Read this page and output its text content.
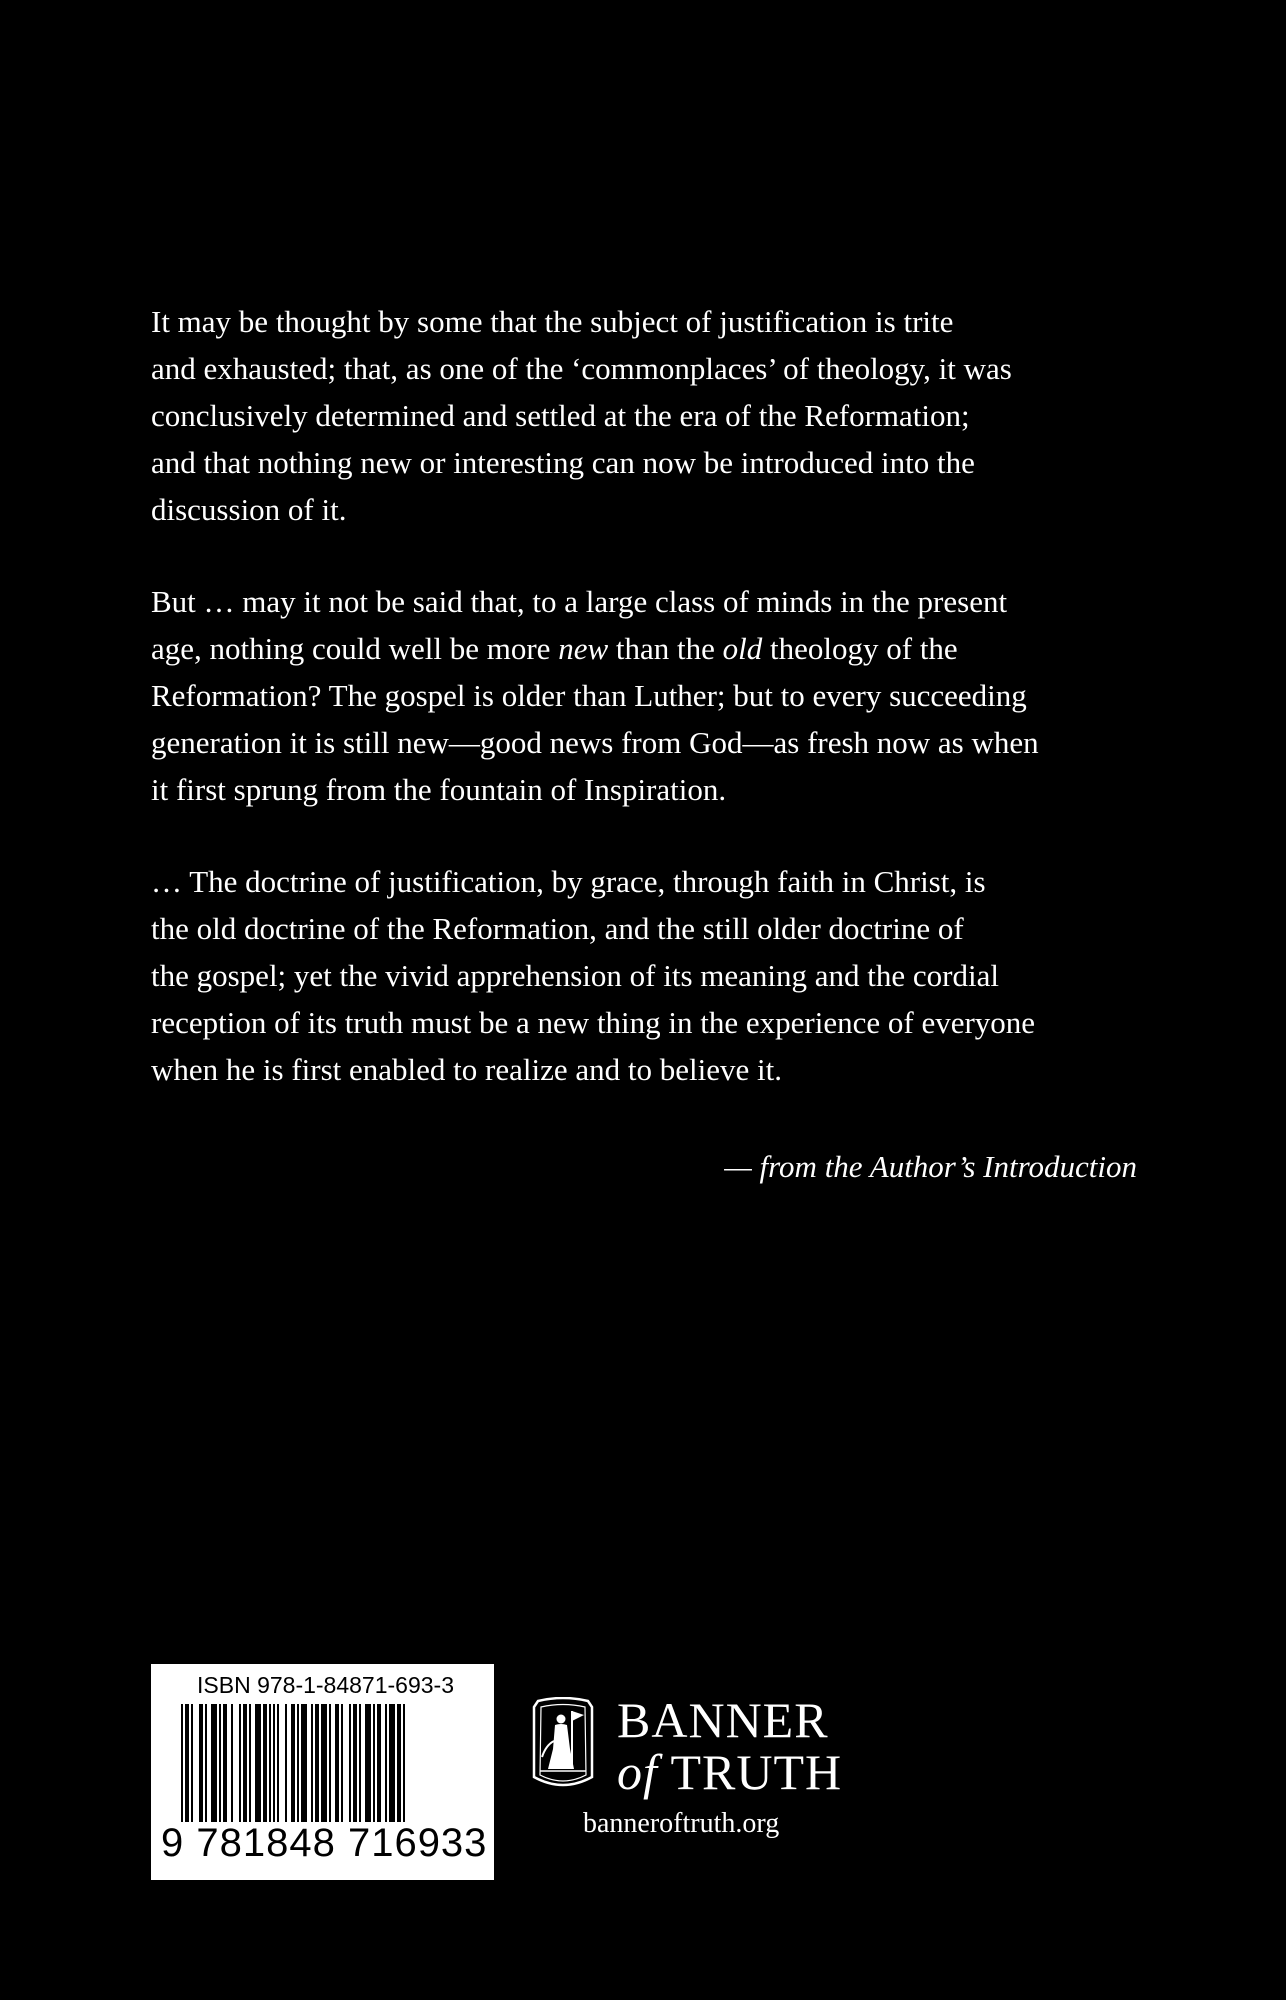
It may be thought by some that the subject of justification is trite
and exhausted; that, as one of the ‘commonplaces’ of theology, it was
conclusively determined and settled at the era of the Reformation;
and that nothing new or interesting can now be introduced into the
discussion of it.

But … may it not be said that, to a large class of minds in the present
age, nothing could well be more new than the old theology of the
Reformation? The gospel is older than Luther; but to every succeeding
generation it is still new—good news from God—as fresh now as when
it first sprung from the fountain of Inspiration.

… The doctrine of justification, by grace, through faith in Christ, is
the old doctrine of the Reformation, and the still older doctrine of
the gospel; yet the vivid apprehension of its meaning and the cordial
reception of its truth must be a new thing in the experience of everyone
when he is first enabled to realize and to believe it.

— from the Author’s Introduction
ISBN 978-1-84871-693-3
9 781848 716933
BANNER
of TRUTH
banneroftruth.org
